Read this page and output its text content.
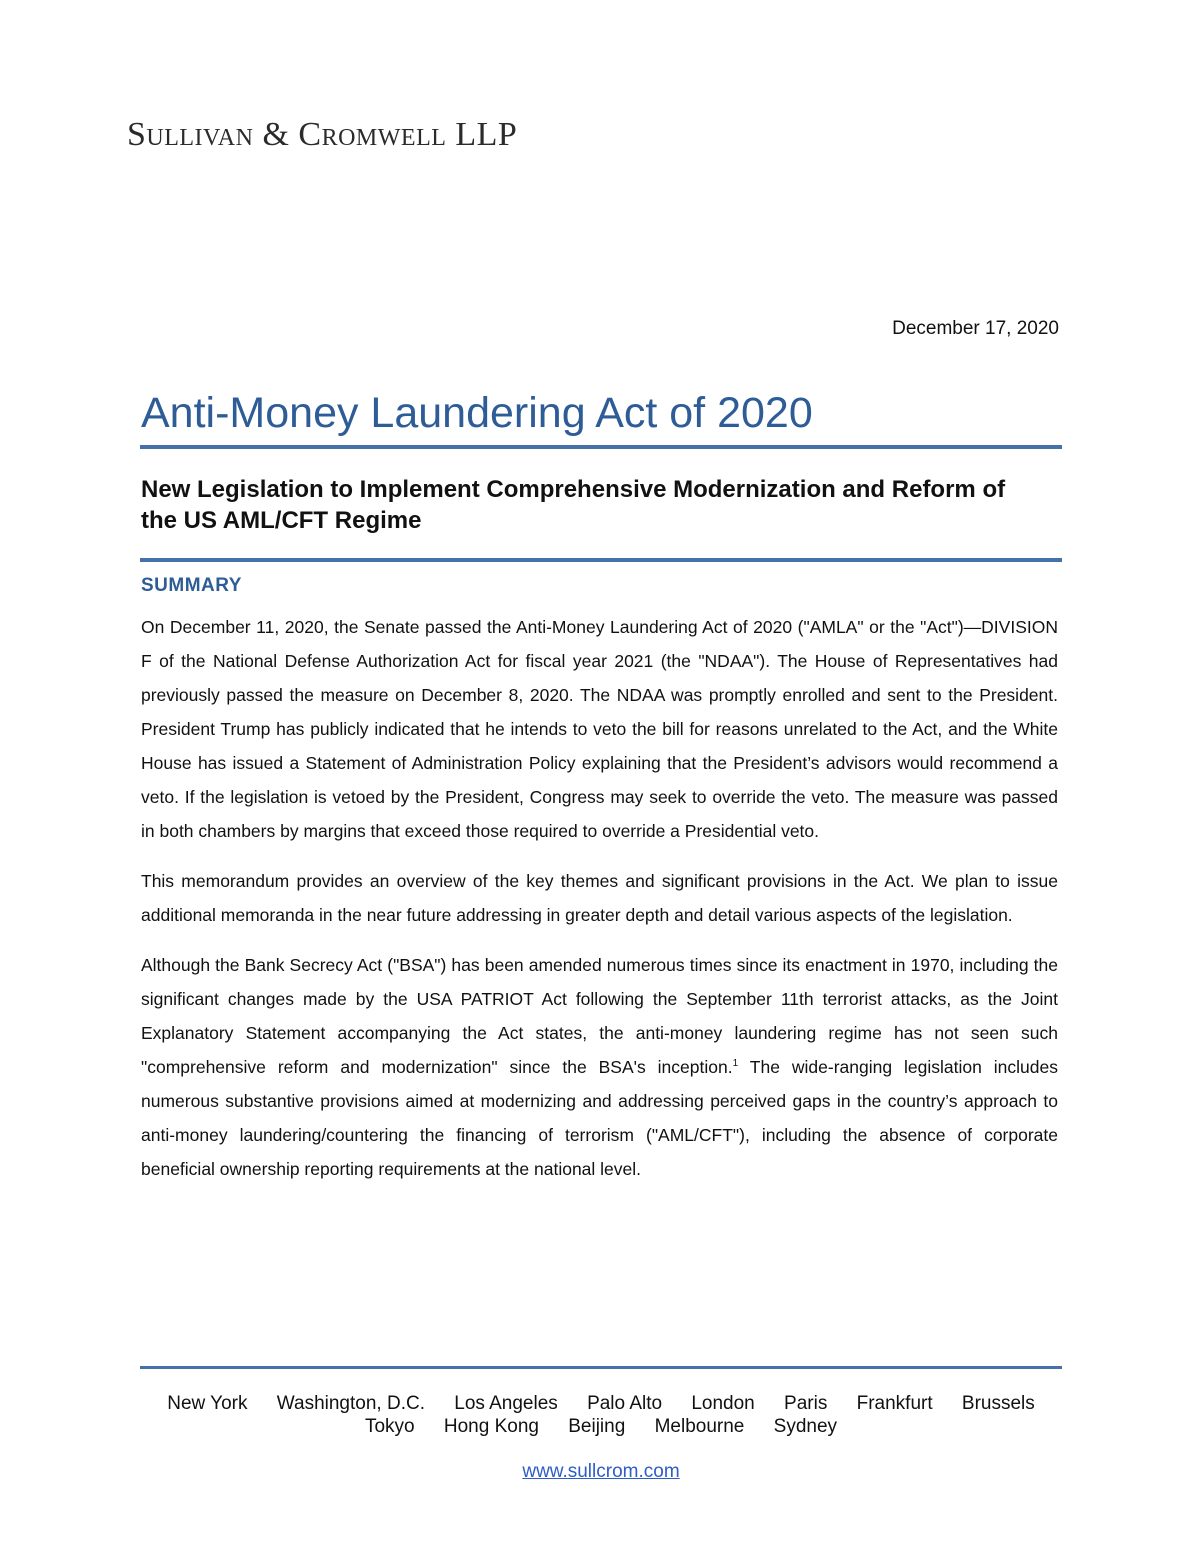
Sullivan & Cromwell LLP
December 17, 2020
Anti-Money Laundering Act of 2020
New Legislation to Implement Comprehensive Modernization and Reform of the US AML/CFT Regime
SUMMARY

On December 11, 2020, the Senate passed the Anti-Money Laundering Act of 2020 ("AMLA" or the "Act")—DIVISION F of the National Defense Authorization Act for fiscal year 2021 (the "NDAA"). The House of Representatives had previously passed the measure on December 8, 2020. The NDAA was promptly enrolled and sent to the President. President Trump has publicly indicated that he intends to veto the bill for reasons unrelated to the Act, and the White House has issued a Statement of Administration Policy explaining that the President’s advisors would recommend a veto. If the legislation is vetoed by the President, Congress may seek to override the veto. The measure was passed in both chambers by margins that exceed those required to override a Presidential veto.

This memorandum provides an overview of the key themes and significant provisions in the Act. We plan to issue additional memoranda in the near future addressing in greater depth and detail various aspects of the legislation.

Although the Bank Secrecy Act ("BSA") has been amended numerous times since its enactment in 1970, including the significant changes made by the USA PATRIOT Act following the September 11th terrorist attacks, as the Joint Explanatory Statement accompanying the Act states, the anti-money laundering regime has not seen such "comprehensive reform and modernization" since the BSA's inception.$^1$ The wide-ranging legislation includes numerous substantive provisions aimed at modernizing and addressing perceived gaps in the country’s approach to anti-money laundering/countering the financing of terrorism ("AML/CFT"), including the absence of corporate beneficial ownership reporting requirements at the national level.

New York Washington, D.C. Los Angeles Palo Alto London Paris Frankfurt Brussels
Tokyo Hong Kong Beijing Melbourne Sydney
www.sullcrom.com
